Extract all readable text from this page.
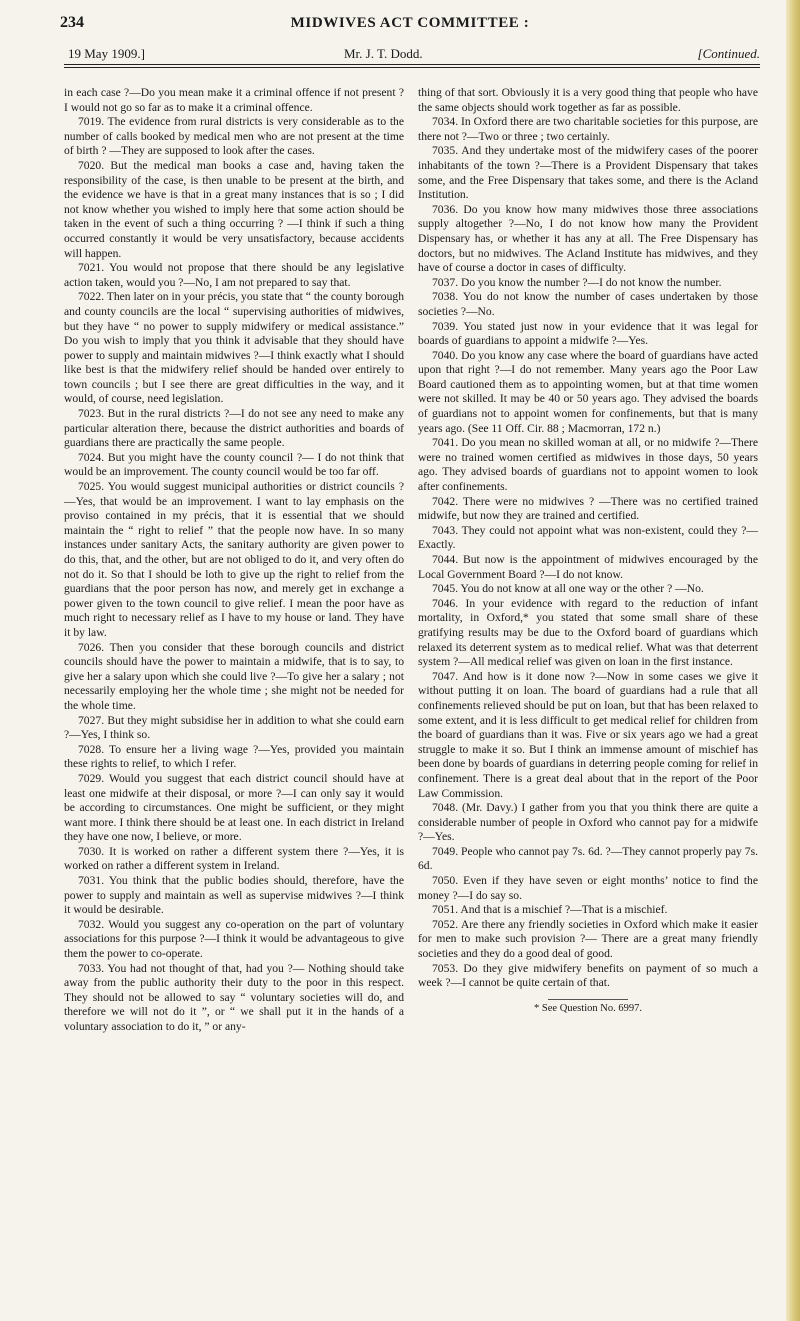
234	MIDWIVES ACT COMMITTEE :
19 May 1909.]	Mr. J. T. Dodd.	[Continued.

in each case ?—Do you mean make it a criminal offence if not present ? I would not go so far as to make it a criminal offence.

7019. The evidence from rural districts is very considerable as to the number of calls booked by medical men who are not present at the time of birth ? —They are supposed to look after the cases.

7020. But the medical man books a case and, having taken the responsibility of the case, is then unable to be present at the birth, and the evidence we have is that in a great many instances that is so ; I did not know whether you wished to imply here that some action should be taken in the event of such a thing occurring ? —I think if such a thing occurred constantly it would be very unsatisfactory, because accidents will happen.

7021. You would not propose that there should be any legislative action taken, would you ?—No, I am not prepared to say that.

7022. Then later on in your précis, you state that “ the county borough and county councils are the local “ supervising authorities of midwives, but they have “ no power to supply midwifery or medical assistance.” Do you wish to imply that you think it advisable that they should have power to supply and maintain midwives ?—I think exactly what I should like best is that the midwifery relief should be handed over entirely to town councils ; but I see there are great difficulties in the way, and it would, of course, need legislation.

7023. But in the rural districts ?—I do not see any need to make any particular alteration there, because the district authorities and boards of guardians there are practically the same people.

7024. But you might have the county council ?— I do not think that would be an improvement. The county council would be too far off.

7025. You would suggest municipal authorities or district councils ?—Yes, that would be an improvement. I want to lay emphasis on the proviso contained in my précis, that it is essential that we should maintain the “ right to relief ” that the people now have. In so many instances under sanitary Acts, the sanitary authority are given power to do this, that, and the other, but are not obliged to do it, and very often do not do it. So that I should be loth to give up the right to relief from the guardians that the poor person has now, and merely get in exchange a power given to the town council to give relief. I mean the poor have as much right to necessary relief as I have to my house or land. They have it by law.

7026. Then you consider that these borough councils and district councils should have the power to maintain a midwife, that is to say, to give her a salary upon which she could live ?—To give her a salary ; not necessarily employing her the whole time ; she might not be needed for the whole time.

7027. But they might subsidise her in addition to what she could earn ?—Yes, I think so.

7028. To ensure her a living wage ?—Yes, provided you maintain these rights to relief, to which I refer.

7029. Would you suggest that each district council should have at least one midwife at their disposal, or more ?—I can only say it would be according to circumstances. One might be sufficient, or they might want more. I think there should be at least one. In each district in Ireland they have one now, I believe, or more.

7030. It is worked on rather a different system there ?—Yes, it is worked on rather a different system in Ireland.

7031. You think that the public bodies should, therefore, have the power to supply and maintain as well as supervise midwives ?—I think it would be desirable.

7032. Would you suggest any co-operation on the part of voluntary associations for this purpose ?—I think it would be advantageous to give them the power to co-operate.

7033. You had not thought of that, had you ?— Nothing should take away from the public authority their duty to the poor in this respect. They should not be allowed to say “ voluntary societies will do, and therefore we will not do it ”, or “ we shall put it in the hands of a voluntary association to do it, ” or any-

thing of that sort. Obviously it is a very good thing that people who have the same objects should work together as far as possible.

7034. In Oxford there are two charitable societies for this purpose, are there not ?—Two or three ; two certainly.

7035. And they undertake most of the midwifery cases of the poorer inhabitants of the town ?—There is a Provident Dispensary that takes some, and the Free Dispensary that takes some, and there is the Acland Institution.

7036. Do you know how many midwives those three associations supply altogether ?—No, I do not know how many the Provident Dispensary has, or whether it has any at all. The Free Dispensary has doctors, but no midwives. The Acland Institute has midwives, and they have of course a doctor in cases of difficulty.

7037. Do you know the number ?—I do not know the number.

7038. You do not know the number of cases undertaken by those societies ?—No.

7039. You stated just now in your evidence that it was legal for boards of guardians to appoint a midwife ?—Yes.

7040. Do you know any case where the board of guardians have acted upon that right ?—I do not remember. Many years ago the Poor Law Board cautioned them as to appointing women, but at that time women were not skilled. It may be 40 or 50 years ago. They advised the boards of guardians not to appoint women for confinements, but that is many years ago. (See 11 Off. Cir. 88 ; Macmorran, 172 n.)

7041. Do you mean no skilled woman at all, or no midwife ?—There were no trained women certified as midwives in those days, 50 years ago. They advised boards of guardians not to appoint women to look after confinements.

7042. There were no midwives ? —There was no certified trained midwife, but now they are trained and certified.

7043. They could not appoint what was non-existent, could they ?—Exactly.

7044. But now is the appointment of midwives encouraged by the Local Government Board ?—I do not know.

7045. You do not know at all one way or the other ? —No.

7046. In your evidence with regard to the reduction of infant mortality, in Oxford,* you stated that some small share of these gratifying results may be due to the Oxford board of guardians which relaxed its deterrent system as to medical relief. What was that deterrent system ?—All medical relief was given on loan in the first instance.

7047. And how is it done now ?—Now in some cases we give it without putting it on loan. The board of guardians had a rule that all confinements relieved should be put on loan, but that has been relaxed to some extent, and it is less difficult to get medical relief for children from the board of guardians than it was. Five or six years ago we had a great struggle to make it so. But I think an immense amount of mischief has been done by boards of guardians in deterring people coming for relief in confinement. There is a great deal about that in the report of the Poor Law Commission.

7048. (Mr. Davy.) I gather from you that you think there are quite a considerable number of people in Oxford who cannot pay for a midwife ?—Yes.

7049. People who cannot pay 7s. 6d. ?—They cannot properly pay 7s. 6d.

7050. Even if they have seven or eight months’ notice to find the money ?—I do say so.

7051. And that is a mischief ?—That is a mischief.

7052. Are there any friendly societies in Oxford which make it easier for men to make such provision ?— There are a great many friendly societies and they do a good deal of good.

7053. Do they give midwifery benefits on payment of so much a week ?—I cannot be quite certain of that.

* See Question No. 6997.
